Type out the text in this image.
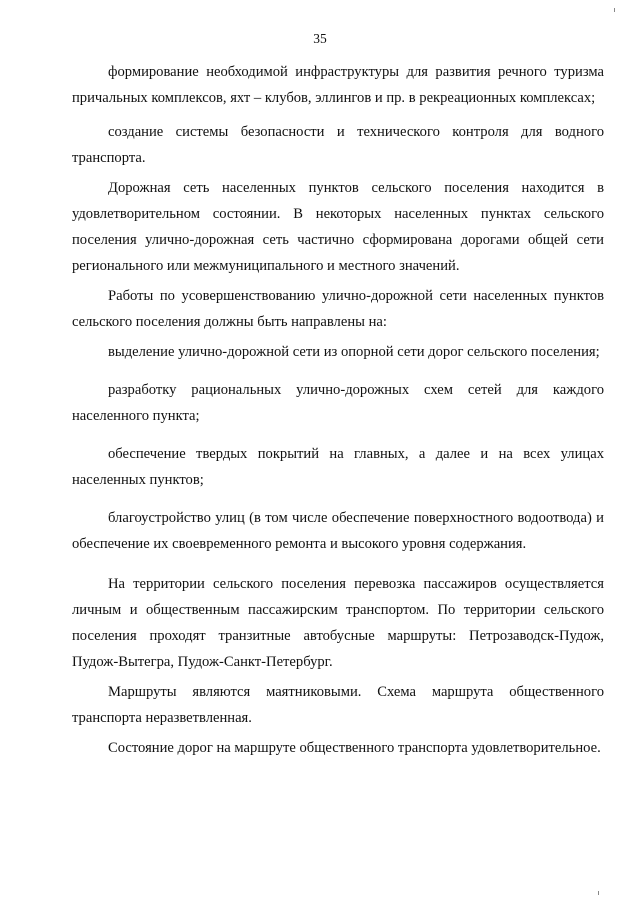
35

формирование необходимой инфраструктуры для развития речного туризма причальных комплексов, яхт – клубов, эллингов и пр. в рекреационных комплексах;

создание системы безопасности и технического контроля для водного транспорта.

Дорожная сеть населенных пунктов сельского поселения находится в удовлетворительном состоянии. В некоторых населенных пунктах сельского поселения улично-дорожная сеть частично сформирована дорогами общей сети регионального или межмуниципального и местного значений.

Работы по усовершенствованию улично-дорожной сети населенных пунктов сельского поселения должны быть направлены на:

выделение улично-дорожной сети из опорной сети дорог сельского поселения;

разработку рациональных улично-дорожных схем сетей для каждого населенного пункта;

обеспечение твердых покрытий на главных, а далее и на всех улицах населенных пунктов;

благоустройство улиц (в том числе обеспечение поверхностного водоотвода) и обеспечение их своевременного ремонта и высокого уровня содержания.

На территории сельского поселения перевозка пассажиров осуществляется личным и общественным пассажирским транспортом. По территории сельского поселения проходят транзитные автобусные маршруты: Петрозаводск-Пудож, Пудож-Вытегра, Пудож-Санкт-Петербург.

Маршруты являются маятниковыми. Схема маршрута общественного транспорта неразветвленная.

Состояние дорог на маршруте общественного транспорта удовлетворительное.
